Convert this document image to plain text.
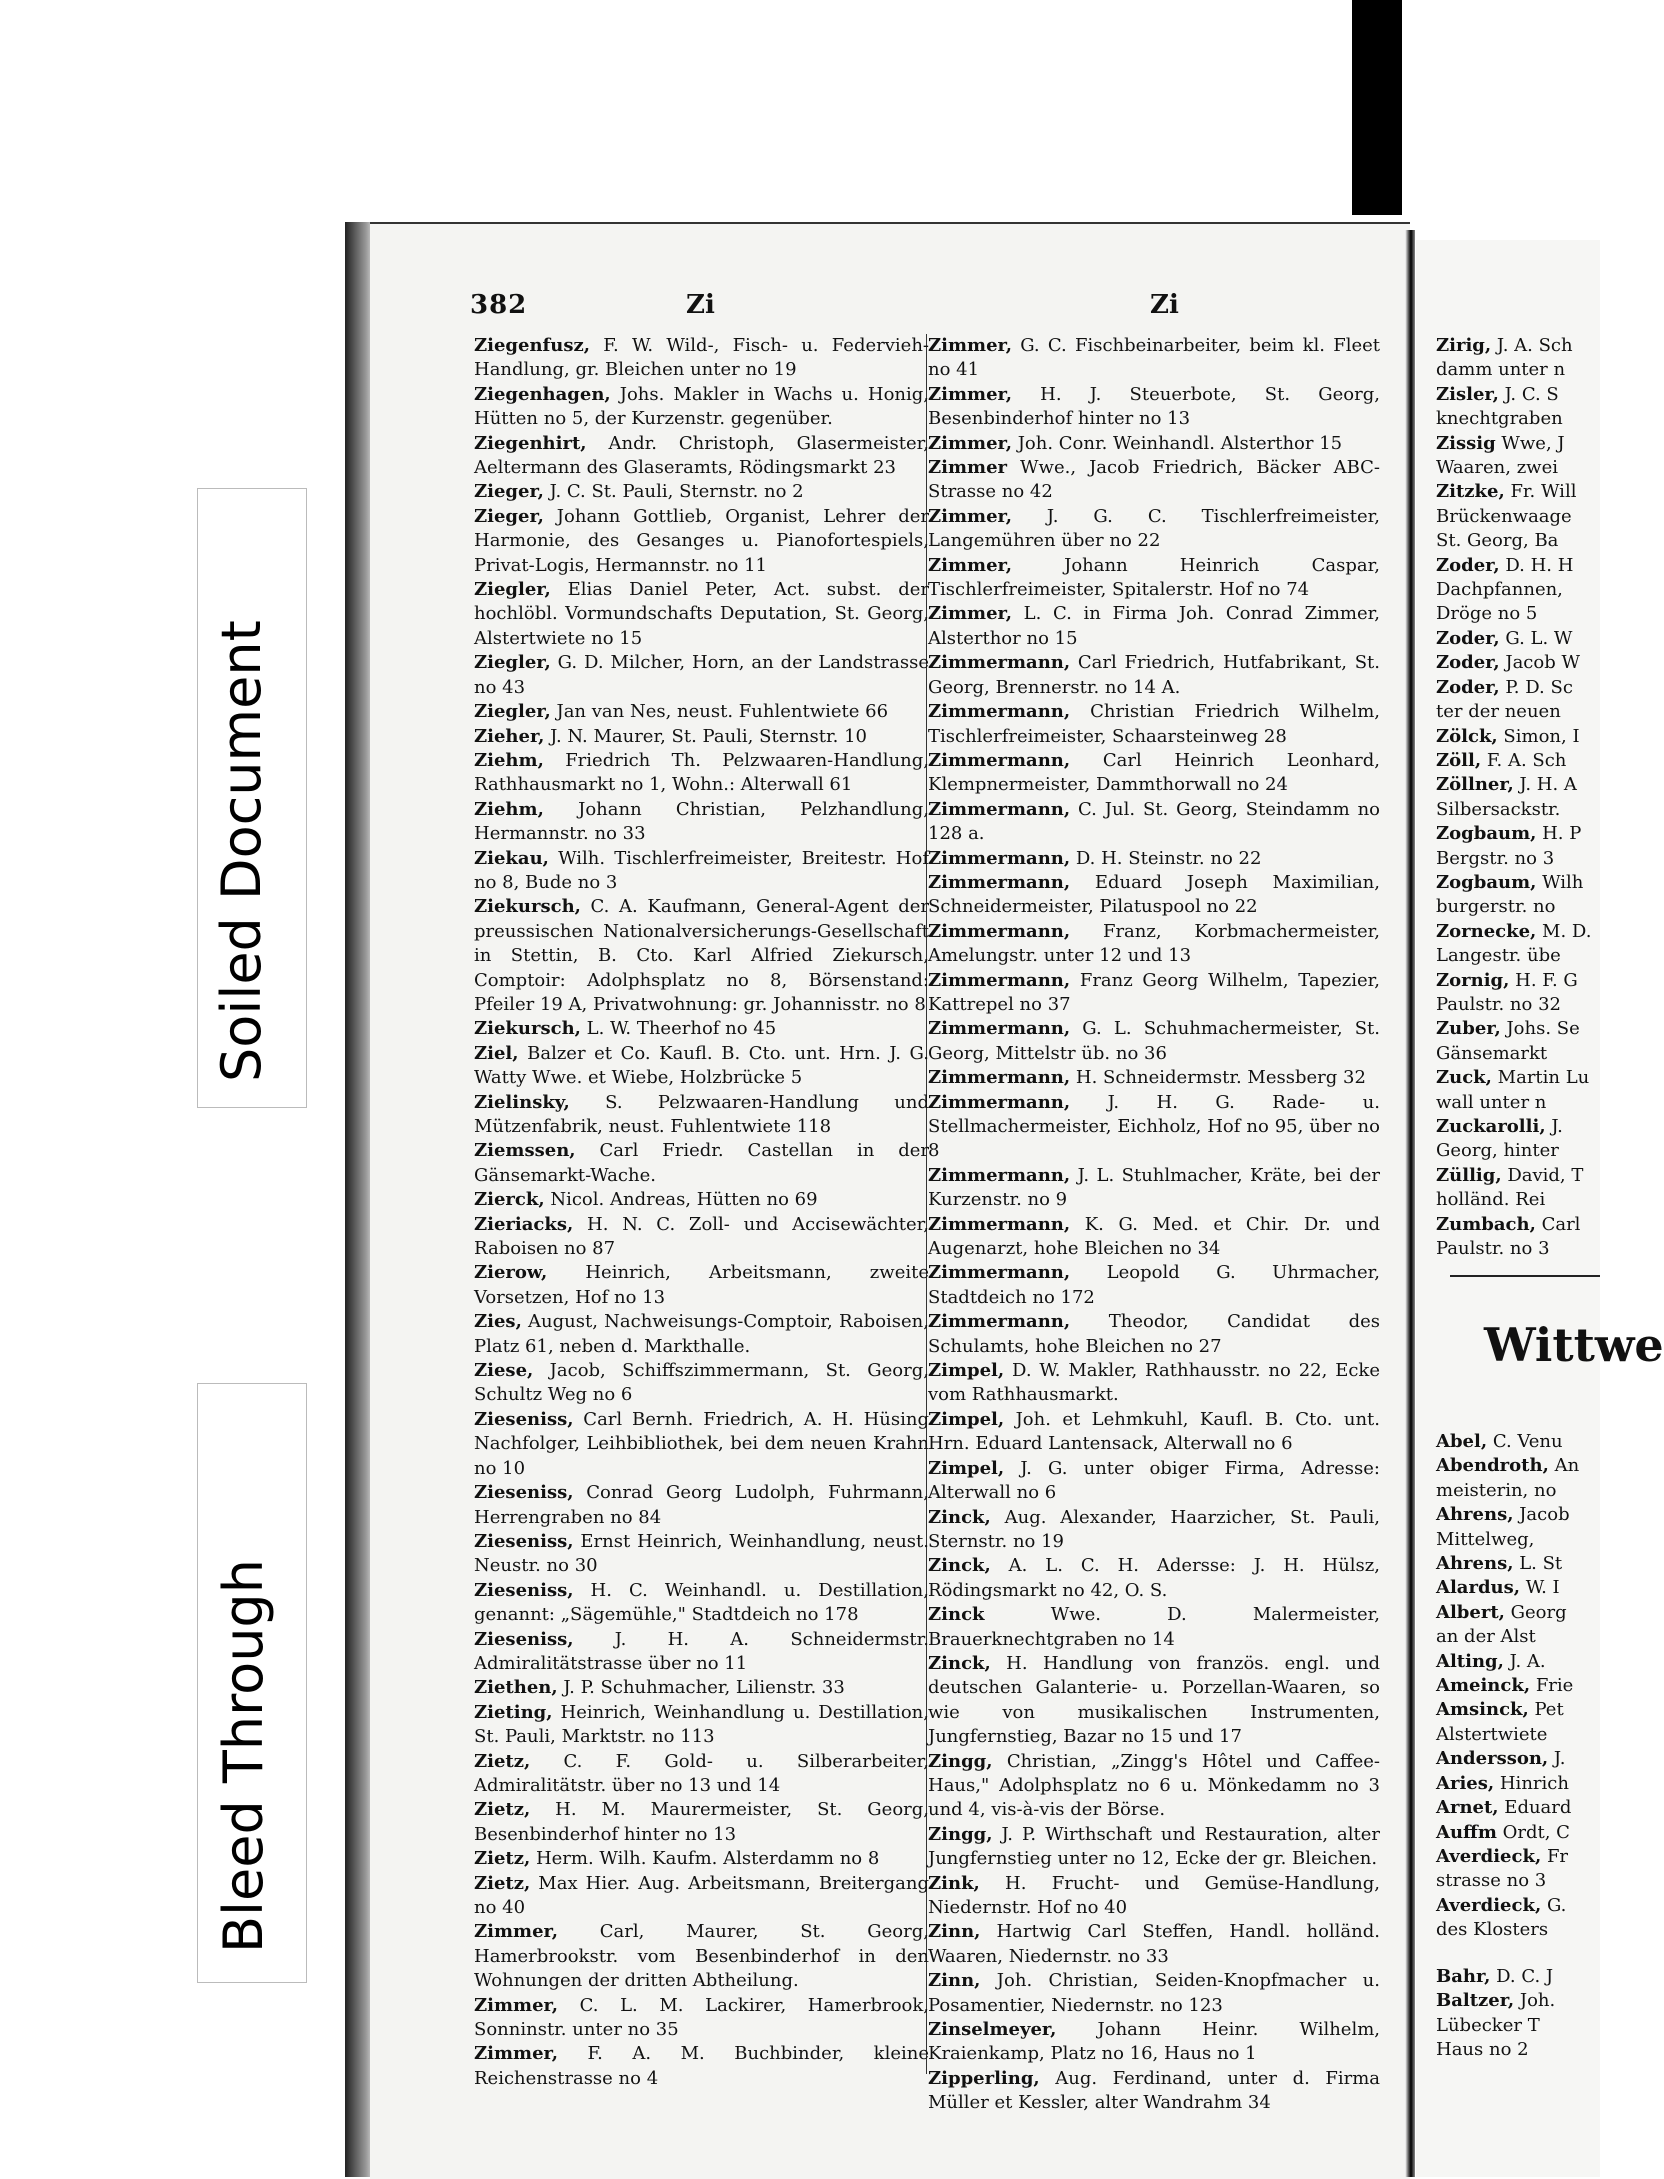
Soiled Document
Bleed Through
382	Zi	Zi

Ziegenfusz, F. W. Wild-, Fisch- u. Federvieh-Handlung, gr. Bleichen unter no 19

Ziegenhagen, Johs. Makler in Wachs u. Honig, Hütten no 5, der Kurzenstr. gegenüber.

Ziegenhirt, Andr. Christoph, Glasermeister, Aeltermann des Glaseramts, Rödingsmarkt 23

Zieger, J. C. St. Pauli, Sternstr. no 2

Zieger, Johann Gottlieb, Organist, Lehrer der Harmonie, des Gesanges u. Pianofortespiels, Privat-Logis, Hermannstr. no 11

Ziegler, Elias Daniel Peter, Act. subst. der hochlöbl. Vormundschafts Deputation, St. Georg, Alstertwiete no 15

Ziegler, G. D. Milcher, Horn, an der Landstrasse no 43

Ziegler, Jan van Nes, neust. Fuhlentwiete 66

Zieher, J. N. Maurer, St. Pauli, Sternstr. 10

Ziehm, Friedrich Th. Pelzwaaren-Handlung, Rathhausmarkt no 1, Wohn.: Alterwall 61

Ziehm, Johann Christian, Pelzhandlung, Hermannstr. no 33

Ziekau, Wilh. Tischlerfreimeister, Breitestr. Hof no 8, Bude no 3

Ziekursch, C. A. Kaufmann, General-Agent der preussischen Nationalversicherungs-Gesellschaft in Stettin, B. Cto. Karl Alfried Ziekursch, Comptoir: Adolphsplatz no 8, Börsenstand: Pfeiler 19 A, Privatwohnung: gr. Johannisstr. no 8

Ziekursch, L. W. Theerhof no 45

Ziel, Balzer et Co. Kaufl. B. Cto. unt. Hrn. J. G. Watty Wwe. et Wiebe, Holzbrücke 5

Zielinsky, S. Pelzwaaren-Handlung und Mützenfabrik, neust. Fuhlentwiete 118

Ziemssen, Carl Friedr. Castellan in der Gänsemarkt-Wache.

Zierck, Nicol. Andreas, Hütten no 69

Zieriacks, H. N. C. Zoll- und Accisewächter, Raboisen no 87

Zierow, Heinrich, Arbeitsmann, zweite Vorsetzen, Hof no 13

Zies, August, Nachweisungs-Comptoir, Raboisen, Platz 61, neben d. Markthalle.

Ziese, Jacob, Schiffszimmermann, St. Georg, Schultz Weg no 6

Zieseniss, Carl Bernh. Friedrich, A. H. Hüsing Nachfolger, Leihbibliothek, bei dem neuen Krahn no 10

Zieseniss, Conrad Georg Ludolph, Fuhrmann, Herrengraben no 84

Zieseniss, Ernst Heinrich, Weinhandlung, neust. Neustr. no 30

Zieseniss, H. C. Weinhandl. u. Destillation, genannt: „Sägemühle," Stadtdeich no 178

Zieseniss, J. H. A. Schneidermstr. Admiralitätstrasse über no 11

Ziethen, J. P. Schuhmacher, Lilienstr. 33

Zieting, Heinrich, Weinhandlung u. Destillation, St. Pauli, Marktstr. no 113

Zietz, C. F. Gold- u. Silberarbeiter, Admiralitätstr. über no 13 und 14

Zietz, H. M. Maurermeister, St. Georg, Besenbinderhof hinter no 13

Zietz, Herm. Wilh. Kaufm. Alsterdamm no 8

Zietz, Max Hier. Aug. Arbeitsmann, Breitergang no 40

Zimmer, Carl, Maurer, St. Georg, Hamerbrookstr. vom Besenbinderhof in den Wohnungen der dritten Abtheilung.

Zimmer, C. L. M. Lackirer, Hamerbrook, Sonninstr. unter no 35

Zimmer, F. A. M. Buchbinder, kleine Reichenstrasse no 4

Zimmer, G. C. Fischbeinarbeiter, beim kl. Fleet no 41

Zimmer, H. J. Steuerbote, St. Georg, Besenbinderhof hinter no 13

Zimmer, Joh. Conr. Weinhandl. Alsterthor 15

Zimmer Wwe., Jacob Friedrich, Bäcker ABC-Strasse no 42

Zimmer, J. G. C. Tischlerfreimeister, Langemühren über no 22

Zimmer, Johann Heinrich Caspar, Tischlerfreimeister, Spitalerstr. Hof no 74

Zimmer, L. C. in Firma Joh. Conrad Zimmer, Alsterthor no 15

Zimmermann, Carl Friedrich, Hutfabrikant, St. Georg, Brennerstr. no 14 A.

Zimmermann, Christian Friedrich Wilhelm, Tischlerfreimeister, Schaarsteinweg 28

Zimmermann, Carl Heinrich Leonhard, Klempnermeister, Dammthorwall no 24

Zimmermann, C. Jul. St. Georg, Steindamm no 128 a.

Zimmermann, D. H. Steinstr. no 22

Zimmermann, Eduard Joseph Maximilian, Schneidermeister, Pilatuspool no 22

Zimmermann, Franz, Korbmachermeister, Amelungstr. unter 12 und 13

Zimmermann, Franz Georg Wilhelm, Tapezier, Kattrepel no 37

Zimmermann, G. L. Schuhmachermeister, St. Georg, Mittelstr üb. no 36

Zimmermann, H. Schneidermstr. Messberg 32

Zimmermann, J. H. G. Rade- u. Stellmachermeister, Eichholz, Hof no 95, über no 8

Zimmermann, J. L. Stuhlmacher, Kräte, bei der Kurzenstr. no 9

Zimmermann, K. G. Med. et Chir. Dr. und Augenarzt, hohe Bleichen no 34

Zimmermann, Leopold G. Uhrmacher, Stadtdeich no 172

Zimmermann, Theodor, Candidat des Schulamts, hohe Bleichen no 27

Zimpel, D. W. Makler, Rathhausstr. no 22, Ecke vom Rathhausmarkt.

Zimpel, Joh. et Lehmkuhl, Kaufl. B. Cto. unt. Hrn. Eduard Lantensack, Alterwall no 6

Zimpel, J. G. unter obiger Firma, Adresse: Alterwall no 6

Zinck, Aug. Alexander, Haarzicher, St. Pauli, Sternstr. no 19

Zinck, A. L. C. H. Adersse: J. H. Hülsz, Rödingsmarkt no 42, O. S.

Zinck Wwe. D. Malermeister, Brauerknechtgraben no 14

Zinck, H. Handlung von französ. engl. und deutschen Galanterie- u. Porzellan-Waaren, so wie von musikalischen Instrumenten, Jungfernstieg, Bazar no 15 und 17

Zingg, Christian, „Zingg's Hôtel und Caffee-Haus," Adolphsplatz no 6 u. Mönkedamm no 3 und 4, vis-à-vis der Börse.

Zingg, J. P. Wirthschaft und Restauration, alter Jungfernstieg unter no 12, Ecke der gr. Bleichen.

Zink, H. Frucht- und Gemüse-Handlung, Niedernstr. Hof no 40

Zinn, Hartwig Carl Steffen, Handl. holländ. Waaren, Niedernstr. no 33

Zinn, Joh. Christian, Seiden-Knopfmacher u. Posamentier, Niedernstr. no 123

Zinselmeyer, Johann Heinr. Wilhelm, Kraienkamp, Platz no 16, Haus no 1

Zipperling, Aug. Ferdinand, unter d. Firma Müller et Kessler, alter Wandrahm 34

Zirig, J. A. Sch

damm unter n

Zisler, J. C. S

knechtgraben

Zissig Wwe, J

Waaren, zwei

Zitzke, Fr. Will

Brückenwaage

St. Georg, Ba

Zoder, D. H. H

Dachpfannen,

Dröge no 5

Zoder, G. L. W

Zoder, Jacob W

Zoder, P. D. Sc

ter der neuen

Zölck, Simon, I

Zöll, F. A. Sch

Zöllner, J. H. A

Silbersackstr.

Zogbaum, H. P

Bergstr. no 3

Zogbaum, Wilh

burgerstr. no

Zornecke, M. D.

Langestr. übe

Zornig, H. F. G

Paulstr. no 32

Zuber, Johs. Se

Gänsemarkt

Zuck, Martin Lu

wall unter n

Zuckarolli, J.

Georg, hinter

Züllig, David, T

holländ. Rei

Zumbach, Carl

Paulstr. no 3

Wittwe

Abel, C. Venu

Abendroth, An

meisterin, no

Ahrens, Jacob

Mittelweg,

Ahrens, L. St

Alardus, W. I

Albert, Georg

an der Alst

Alting, J. A.

Ameinck, Frie

Amsinck, Pet

Alstertwiete

Andersson, J.

Aries, Hinrich

Arnet, Eduard

Auffm Ordt, C

Averdieck, Fr

strasse no 3

Averdieck, G.

des Klosters

Bahr, D. C. J

Baltzer, Joh.

Lübecker T

Haus no 2
